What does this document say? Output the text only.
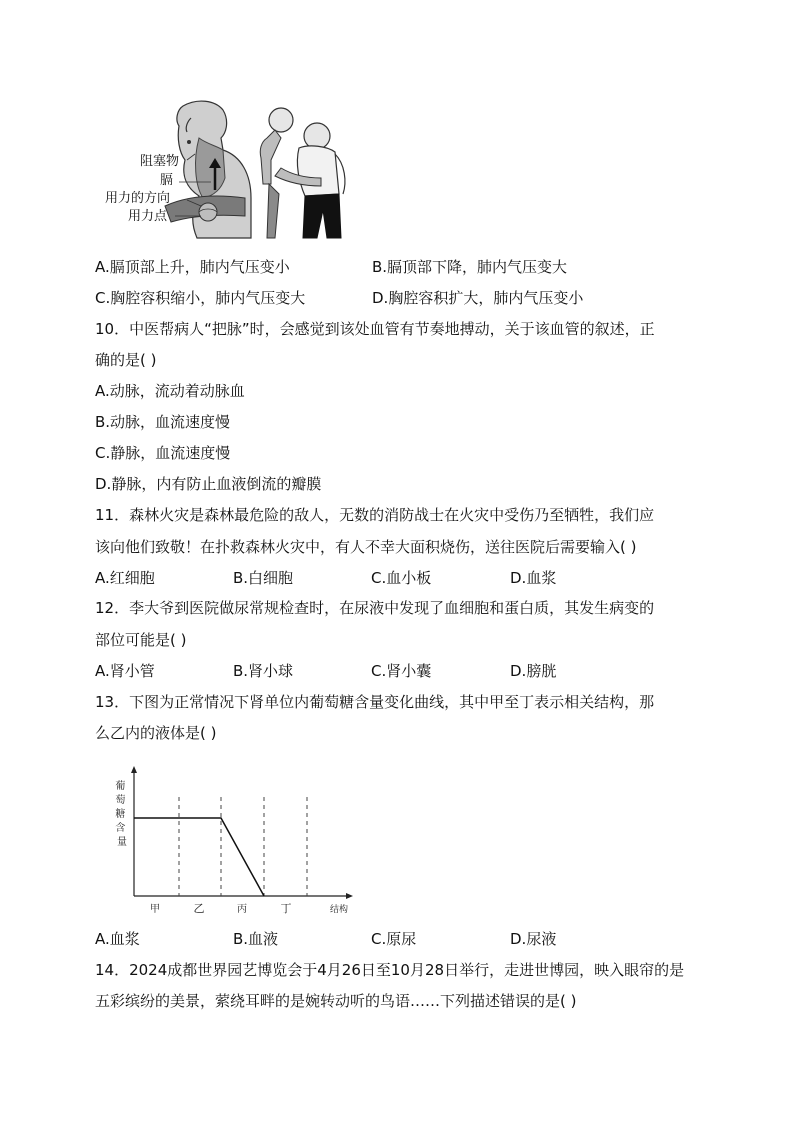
阻塞物
膈
用力的方向
用力点
A.膈顶部上升，肺内气压变小	B.膈顶部下降，肺内气压变大
C.胸腔容积缩小，肺内气压变大	D.胸腔容积扩大，肺内气压变小
10．中医帮病人“把脉”时，会感觉到该处血管有节奏地搏动，关于该血管的叙述，正
确的是( )
A.动脉，流动着动脉血
B.动脉，血流速度慢
C.静脉，血流速度慢
D.静脉，内有防止血液倒流的瓣膜
11．森林火灾是森林最危险的敌人，无数的消防战士在火灾中受伤乃至牺牲，我们应
该向他们致敬！在扑救森林火灾中，有人不幸大面积烧伤，送往医院后需要输入( )
A.红细胞	B.白细胞	C.血小板	D.血浆
12．李大爷到医院做尿常规检查时，在尿液中发现了血细胞和蛋白质，其发生病变的
部位可能是( )
A.肾小管	B.肾小球	C.肾小囊	D.膀胱
13．下图为正常情况下肾单位内葡萄糖含量变化曲线，其中甲至丁表示相关结构，那
么乙内的液体是( )
葡 萄 糖 含 量
甲	乙	丙	丁	结构
A.血浆	B.血液	C.原尿	D.尿液
14．2024成都世界园艺博览会于4月26日至10月28日举行，走进世博园，映入眼帘的是
五彩缤纷的美景，萦绕耳畔的是婉转动听的鸟语……下列描述错误的是( )
